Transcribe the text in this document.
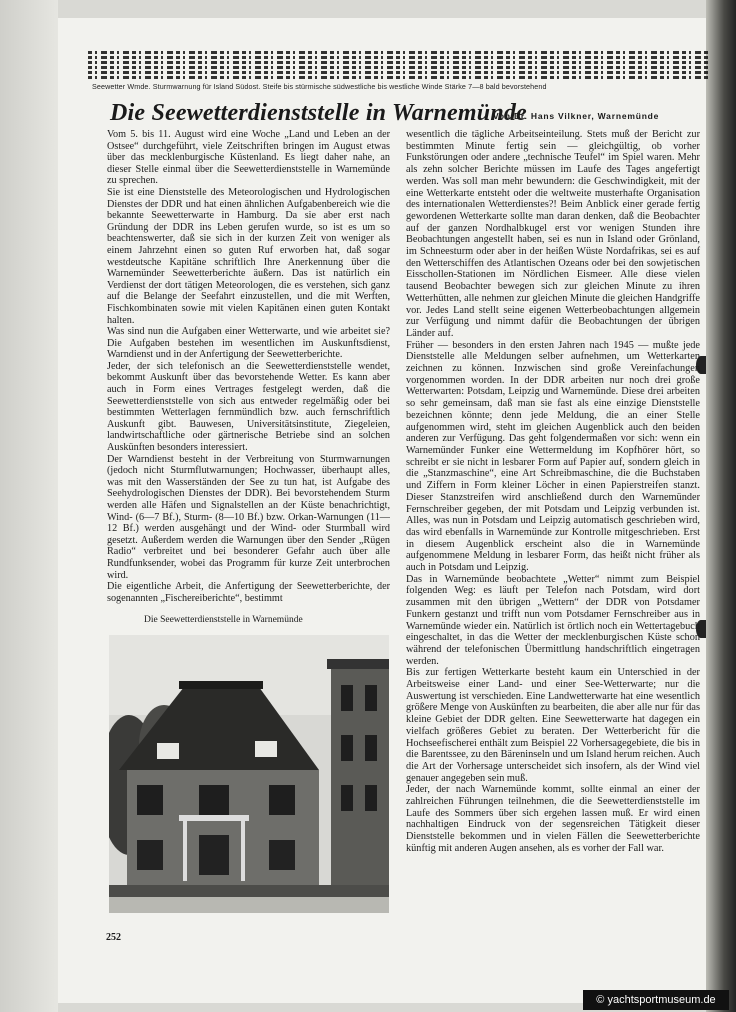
Seewetter Wmde. Sturmwarnung für Island Südost. Steife bis stürmische südwestliche bis westliche Winde Stärke 7—8 bald bevorstehend
Die Seewetterdienststelle in Warnemünde
Von Dr. Hans Vilkner, Warnemünde

Vom 5. bis 11. August wird eine Woche „Land und Leben an der Ostsee“ durchgeführt, viele Zeitschriften bringen im August etwas über das mecklenburgische Küstenland. Es liegt daher nahe, an dieser Stelle einmal über die Seewetterdienststelle in Warnemünde zu sprechen.

Sie ist eine Dienststelle des Meteorologischen und Hydrologischen Dienstes der DDR und hat einen ähnlichen Aufgabenbereich wie die bekannte Seewetterwarte in Hamburg. Da sie aber erst nach Gründung der DDR ins Leben gerufen wurde, so ist es um so beachtenswerter, daß sie sich in der kurzen Zeit von weniger als einem Jahrzehnt einen so guten Ruf erworben hat, daß sogar westdeutsche Kapitäne schriftlich Ihre Anerkennung über die Warnemünder Seewetterberichte äußern. Das ist natürlich ein Verdienst der dort tätigen Meteorologen, die es verstehen, sich ganz auf die Belange der Seefahrt einzustellen, und die mit Werften, Fischkombinaten sowie mit vielen Kapitänen einen guten Kontakt halten.

Was sind nun die Aufgaben einer Wetterwarte, und wie arbeitet sie? Die Aufgaben bestehen im wesentlichen im Auskunftsdienst, Warndienst und in der Anfertigung der Seewetterberichte.

Jeder, der sich telefonisch an die Seewetterdienststelle wendet, bekommt Auskunft über das bevorstehende Wetter. Es kann aber auch in Form eines Vertrages festgelegt werden, daß die Seewetterdienststelle von sich aus entweder regelmäßig oder bei bestimmten Wetterlagen fernmündlich bzw. auch fernschriftlich Auskunft gibt. Bauwesen, Universitätsinstitute, Ziegeleien, landwirtschaftliche oder gärtnerische Betriebe sind an solchen Auskünften besonders interessiert.

Der Warndienst besteht in der Verbreitung von Sturmwarnungen (jedoch nicht Sturmflutwarnungen; Hochwasser, überhaupt alles, was mit den Wasserständen der See zu tun hat, ist Aufgabe des Seehydrologischen Dienstes der DDR). Bei bevorstehendem Sturm werden alle Häfen und Signalstellen an der Küste benachrichtigt, Wind- (6—7 Bf.), Sturm- (8—10 Bf.) bzw. Orkan-Warnungen (11—12 Bf.) werden ausgehängt und der Wind- oder Sturmball wird gesetzt. Außerdem werden die Warnungen über den Sender „Rügen Radio“ verbreitet und bei besonderer Gefahr auch über alle Rundfunksender, wobei das Programm für kurze Zeit unterbrochen wird.

Die eigentliche Arbeit, die Anfertigung der Seewetterberichte, der sogenannten „Fischereiberichte“, bestimmt

Die Seewetterdienststelle in Warnemünde

wesentlich die tägliche Arbeitseinteilung. Stets muß der Bericht zur bestimmten Minute fertig sein — gleichgültig, ob vorher Funkstörungen oder andere „technische Teufel“ im Spiel waren. Mehr als zehn solcher Berichte müssen im Laufe des Tages angefertigt werden. Was soll man mehr bewundern: die Geschwindigkeit, mit der eine Wetterkarte entsteht oder die weltweite musterhafte Organisation des internationalen Wetterdienstes?! Beim Anblick einer gerade fertig gewordenen Wetterkarte sollte man daran denken, daß die Beobachter auf der ganzen Nordhalbkugel erst vor wenigen Stunden ihre Beobachtungen angestellt haben, sei es nun in Island oder Grönland, im Schneesturm oder aber in der heißen Wüste Nordafrikas, sei es auf den Wetterschiffen des Atlantischen Ozeans oder bei den sowjetischen Eisschollen-Stationen im Nördlichen Eismeer. Alle diese vielen tausend Beobachter bewegen sich zur gleichen Minute zu ihren Wetterhütten, alle nehmen zur gleichen Minute die gleichen Handgriffe vor. Jedes Land stellt seine eigenen Wetterbeobachtungen allgemein zur Verfügung und nimmt dafür die Beobachtungen der übrigen Länder auf.

Früher — besonders in den ersten Jahren nach 1945 — mußte jede Dienststelle alle Meldungen selber aufnehmen, um Wetterkarten zeichnen zu können. Inzwischen sind große Vereinfachungen vorgenommen worden. In der DDR arbeiten nur noch drei große Wetterwarten: Potsdam, Leipzig und Warnemünde. Diese drei arbeiten so sehr gemeinsam, daß man sie fast als eine einzige Dienststelle bezeichnen könnte; denn jede Meldung, die an einer Stelle aufgenommen wird, steht im gleichen Augenblick auch den beiden anderen zur Verfügung. Das geht folgendermaßen vor sich: wenn ein Warnemünder Funker eine Wettermeldung im Kopfhörer hört, so schreibt er sie nicht in lesbarer Form auf Papier auf, sondern gleich in die „Stanzmaschine“, eine Art Schreibmaschine, die die Buchstaben und Ziffern in Form kleiner Löcher in einen Papierstreifen stanzt. Dieser Stanzstreifen wird anschließend durch den Warnemünder Fernschreiber gegeben, der mit Potsdam und Leipzig verbunden ist. Alles, was nun in Potsdam und Leipzig automatisch geschrieben wird, das wird ebenfalls in Warnemünde zur Kontrolle mitgeschrieben. Erst in diesem Augenblick erscheint also die in Warnemünde aufgenommene Meldung in lesbarer Form, das heißt nicht früher als auch in Potsdam und Leipzig.

Das in Warnemünde beobachtete „Wetter“ nimmt zum Beispiel folgenden Weg: es läuft per Telefon nach Potsdam, wird dort zusammen mit den übrigen „Wettern“ der DDR von Potsdamer Funkern gestanzt und trifft nun vom Potsdamer Fernschreiber aus in Warnemünde wieder ein. Natürlich ist örtlich noch ein Wettertagebuch eingeschaltet, in das die Wetter der mecklenburgischen Küste schon während der telefonischen Übermittlung handschriftlich eingetragen werden.

Bis zur fertigen Wetterkarte besteht kaum ein Unterschied in der Arbeitsweise einer Land- und einer See-Wetterwarte; nur die Auswertung ist verschieden. Eine Landwetterwarte hat eine wesentlich größere Menge von Auskünften zu bearbeiten, die aber alle nur für das kleine Gebiet der DDR gelten. Eine Seewetterwarte hat dagegen ein vielfach größeres Gebiet zu beraten. Der Wetterbericht für die Hochseefischerei enthält zum Beispiel 22 Vorhersagegebiete, die bis in die Barentssee, zu den Bäreninseln und um Island herum reichen. Auch die Art der Vorhersage unterscheidet sich insofern, als der Wind viel genauer angegeben sein muß.

Jeder, der nach Warnemünde kommt, sollte einmal an einer der zahlreichen Führungen teilnehmen, die die Seewetterdienststelle im Laufe des Sommers über sich ergehen lassen muß. Er wird einen nachhaltigen Eindruck von der segensreichen Tätigkeit dieser Dienststelle bekommen und in vielen Fällen die Seewetterberichte künftig mit anderen Augen ansehen, als es vorher der Fall war.

252
© yachtsportmuseum.de
